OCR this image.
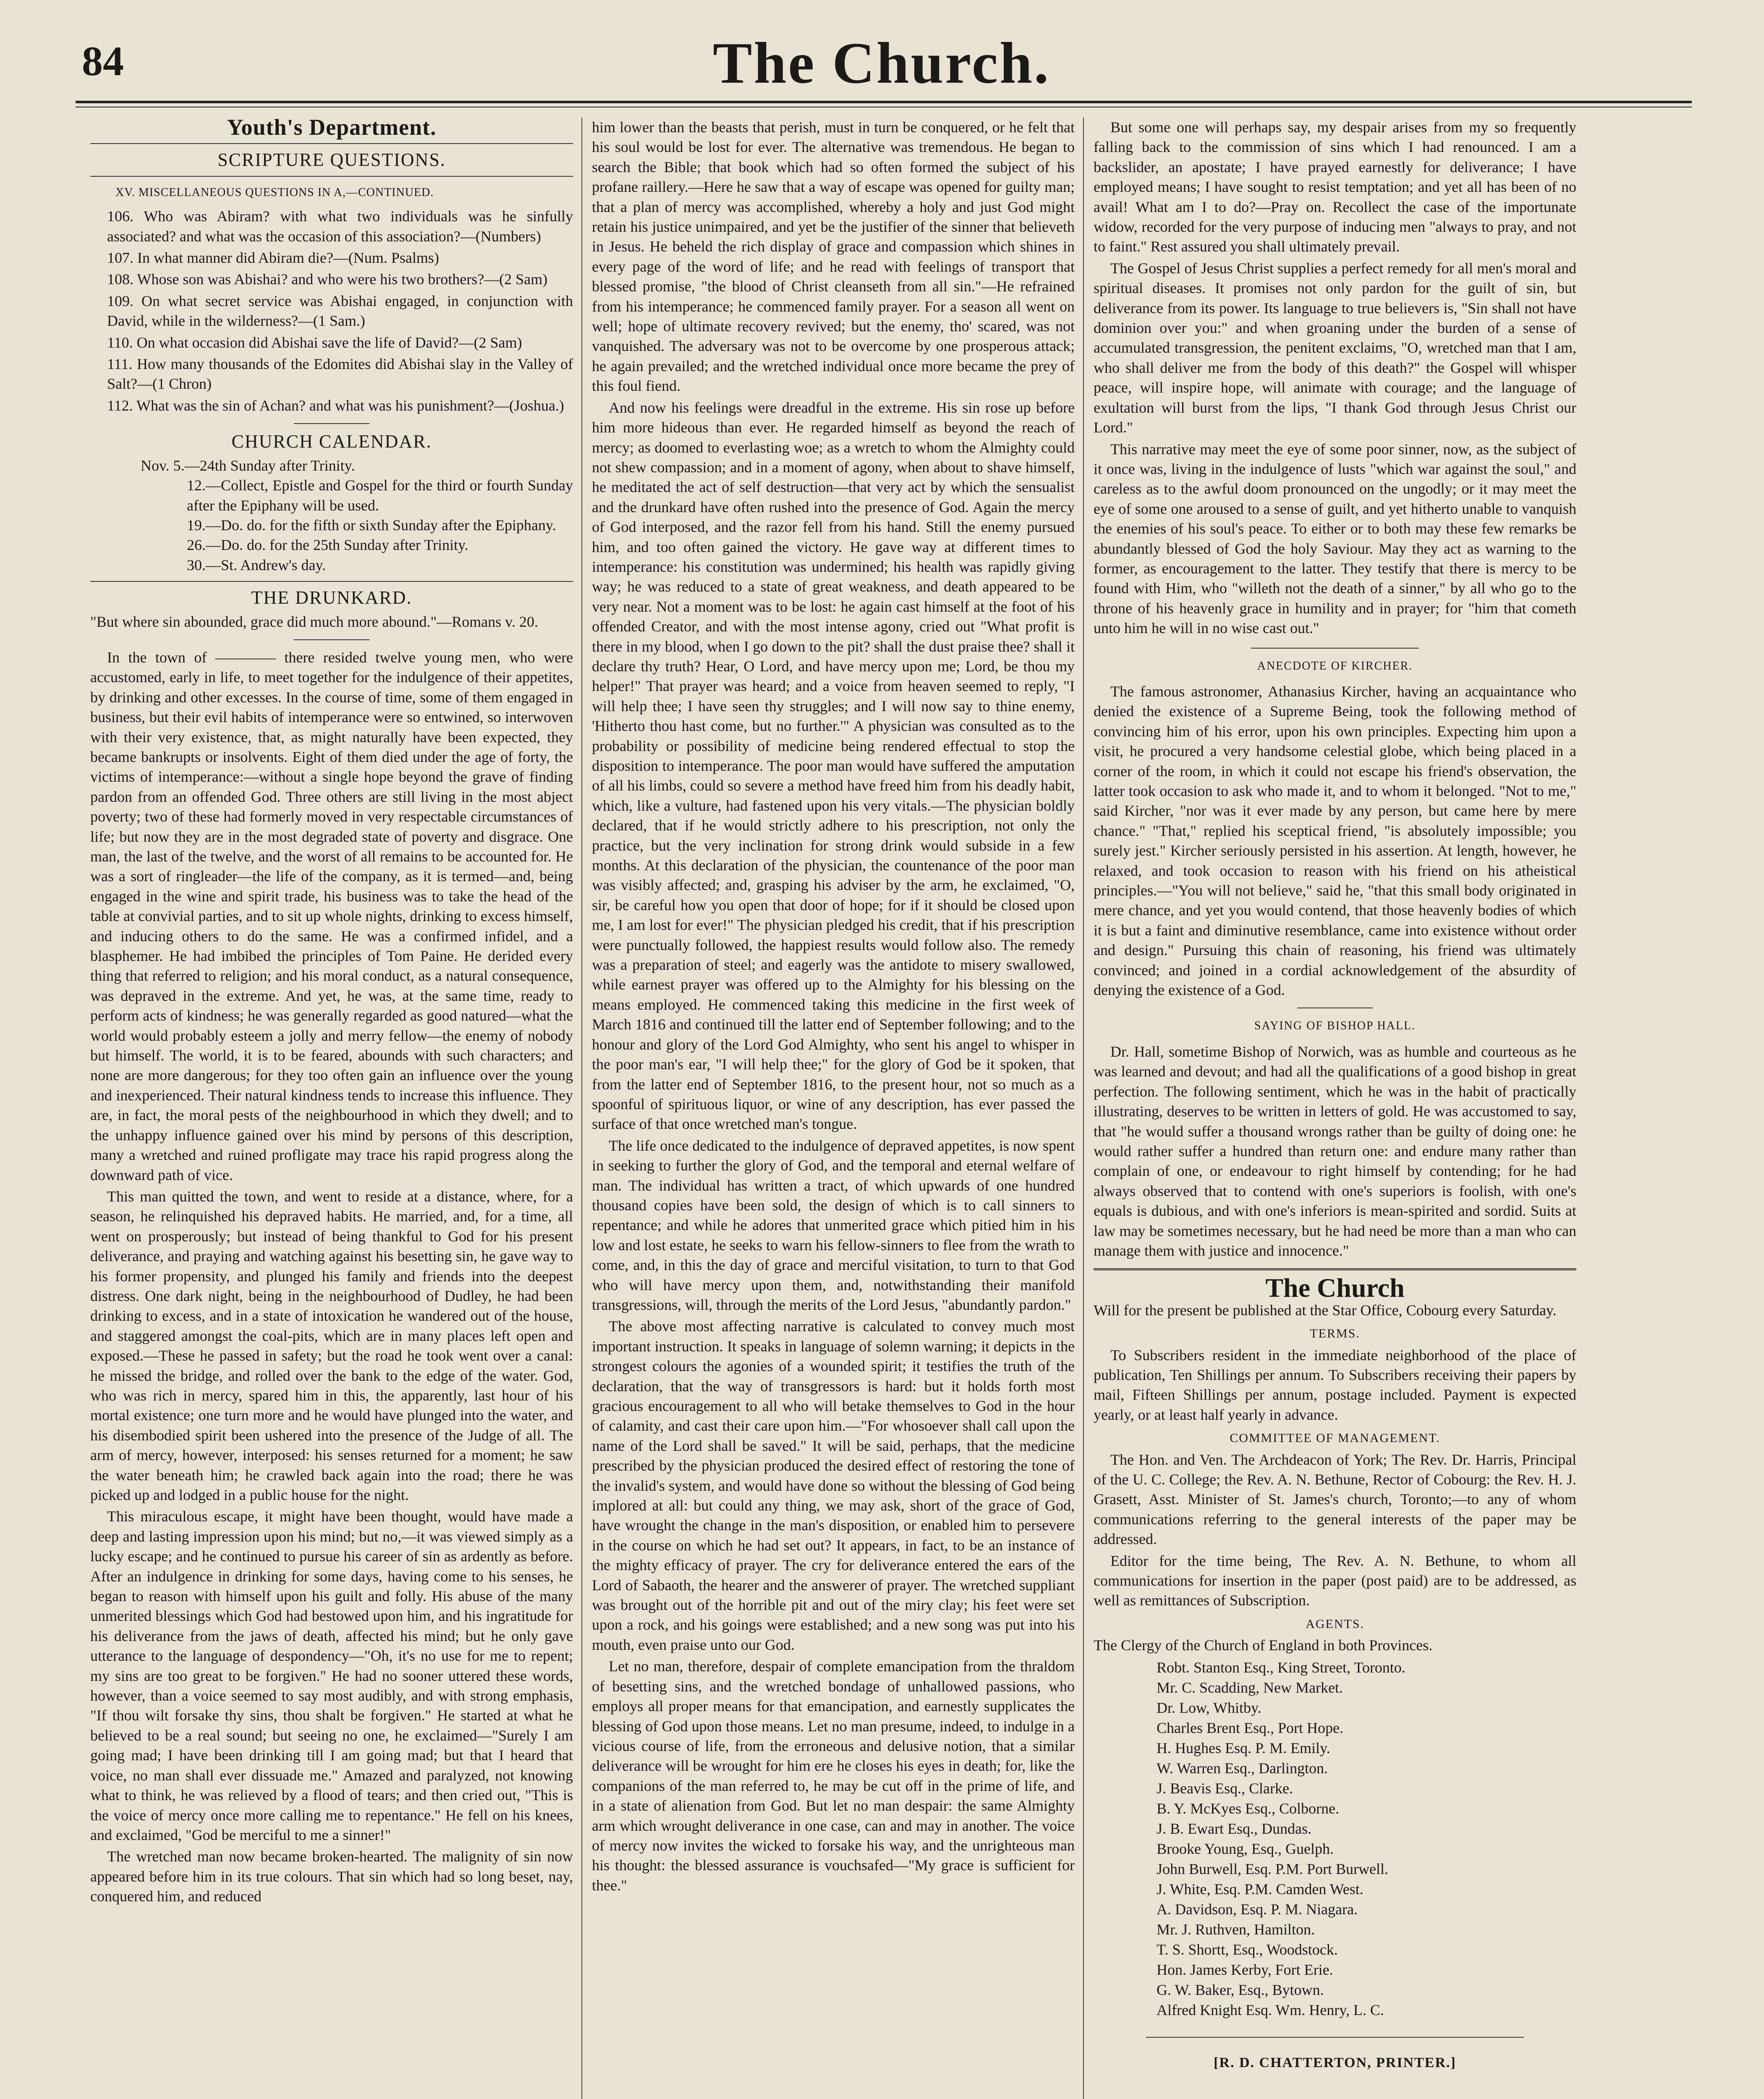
84	The Church.
Youth's Department.
SCRIPTURE QUESTIONS.
XV. MISCELLANEOUS QUESTIONS IN A,—CONTINUED.

106. Who was Abiram? with what two individuals was he sinfully associated? and what was the occasion of this association?—(Numbers)

107. In what manner did Abiram die?—(Num. Psalms)

108. Whose son was Abishai? and who were his two brothers?—(2 Sam)

109. On what secret service was Abishai engaged, in conjunction with David, while in the wilderness?—(1 Sam.)

110. On what occasion did Abishai save the life of David?—(2 Sam)

111. How many thousands of the Edomites did Abishai slay in the Valley of Salt?—(1 Chron)

112. What was the sin of Achan? and what was his punishment?—(Joshua.)

CHURCH CALENDAR.

Nov. 5.—24th Sunday after Trinity.

12.—Collect, Epistle and Gospel for the third or fourth Sunday after the Epiphany will be used.

19.—Do. do. for the fifth or sixth Sunday after the Epiphany.

26.—Do. do. for the 25th Sunday after Trinity.

30.—St. Andrew's day.

THE DRUNKARD.

"But where sin abounded, grace did much more abound."—Romans v. 20.

In the town of ———— there resided twelve young men, who were accustomed, early in life, to meet together for the indulgence of their appetites, by drinking and other excesses. In the course of time, some of them engaged in business, but their evil habits of intemperance were so entwined, so interwoven with their very existence, that, as might naturally have been expected, they became bankrupts or insolvents. Eight of them died under the age of forty, the victims of intemperance:—without a single hope beyond the grave of finding pardon from an offended God. Three others are still living in the most abject poverty; two of these had formerly moved in very respectable circumstances of life; but now they are in the most degraded state of poverty and disgrace. One man, the last of the twelve, and the worst of all remains to be accounted for. He was a sort of ringleader—the life of the company, as it is termed—and, being engaged in the wine and spirit trade, his business was to take the head of the table at convivial parties, and to sit up whole nights, drinking to excess himself, and inducing others to do the same. He was a confirmed infidel, and a blasphemer. He had imbibed the principles of Tom Paine. He derided every thing that referred to religion; and his moral conduct, as a natural consequence, was depraved in the extreme. And yet, he was, at the same time, ready to perform acts of kindness; he was generally regarded as good natured—what the world would probably esteem a jolly and merry fellow—the enemy of nobody but himself. The world, it is to be feared, abounds with such characters; and none are more dangerous; for they too often gain an influence over the young and inexperienced. Their natural kindness tends to increase this influence. They are, in fact, the moral pests of the neighbourhood in which they dwell; and to the unhappy influence gained over his mind by persons of this description, many a wretched and ruined profligate may trace his rapid progress along the downward path of vice.

This man quitted the town, and went to reside at a distance, where, for a season, he relinquished his depraved habits. He married, and, for a time, all went on prosperously; but instead of being thankful to God for his present deliverance, and praying and watching against his besetting sin, he gave way to his former propensity, and plunged his family and friends into the deepest distress. One dark night, being in the neighbourhood of Dudley, he had been drinking to excess, and in a state of intoxication he wandered out of the house, and staggered amongst the coal-pits, which are in many places left open and exposed.—These he passed in safety; but the road he took went over a canal: he missed the bridge, and rolled over the bank to the edge of the water. God, who was rich in mercy, spared him in this, the apparently, last hour of his mortal existence; one turn more and he would have plunged into the water, and his disembodied spirit been ushered into the presence of the Judge of all. The arm of mercy, however, interposed: his senses returned for a moment; he saw the water beneath him; he crawled back again into the road; there he was picked up and lodged in a public house for the night.

This miraculous escape, it might have been thought, would have made a deep and lasting impression upon his mind; but no,—it was viewed simply as a lucky escape; and he continued to pursue his career of sin as ardently as before. After an indulgence in drinking for some days, having come to his senses, he began to reason with himself upon his guilt and folly. His abuse of the many unmerited blessings which God had bestowed upon him, and his ingratitude for his deliverance from the jaws of death, affected his mind; but he only gave utterance to the language of despondency—"Oh, it's no use for me to repent; my sins are too great to be forgiven." He had no sooner uttered these words, however, than a voice seemed to say most audibly, and with strong emphasis, "If thou wilt forsake thy sins, thou shalt be forgiven." He started at what he believed to be a real sound; but seeing no one, he exclaimed—"Surely I am going mad; I have been drinking till I am going mad; but that I heard that voice, no man shall ever dissuade me." Amazed and paralyzed, not knowing what to think, he was relieved by a flood of tears; and then cried out, "This is the voice of mercy once more calling me to repentance." He fell on his knees, and exclaimed, "God be merciful to me a sinner!"

The wretched man now became broken-hearted. The malignity of sin now appeared before him in its true colours. That sin which had so long beset, nay, conquered him, and reduced

him lower than the beasts that perish, must in turn be conquered, or he felt that his soul would be lost for ever. The alternative was tremendous. He began to search the Bible; that book which had so often formed the subject of his profane raillery.—Here he saw that a way of escape was opened for guilty man; that a plan of mercy was accomplished, whereby a holy and just God might retain his justice unimpaired, and yet be the justifier of the sinner that believeth in Jesus. He beheld the rich display of grace and compassion which shines in every page of the word of life; and he read with feelings of transport that blessed promise, "the blood of Christ cleanseth from all sin."—He refrained from his intemperance; he commenced family prayer. For a season all went on well; hope of ultimate recovery revived; but the enemy, tho' scared, was not vanquished. The adversary was not to be overcome by one prosperous attack; he again prevailed; and the wretched individual once more became the prey of this foul fiend.

And now his feelings were dreadful in the extreme. His sin rose up before him more hideous than ever. He regarded himself as beyond the reach of mercy; as doomed to everlasting woe; as a wretch to whom the Almighty could not shew compassion; and in a moment of agony, when about to shave himself, he meditated the act of self destruction—that very act by which the sensualist and the drunkard have often rushed into the presence of God. Again the mercy of God interposed, and the razor fell from his hand. Still the enemy pursued him, and too often gained the victory. He gave way at different times to intemperance: his constitution was undermined; his health was rapidly giving way; he was reduced to a state of great weakness, and death appeared to be very near. Not a moment was to be lost: he again cast himself at the foot of his offended Creator, and with the most intense agony, cried out "What profit is there in my blood, when I go down to the pit? shall the dust praise thee? shall it declare thy truth? Hear, O Lord, and have mercy upon me; Lord, be thou my helper!" That prayer was heard; and a voice from heaven seemed to reply, "I will help thee; I have seen thy struggles; and I will now say to thine enemy, 'Hitherto thou hast come, but no further.'" A physician was consulted as to the probability or possibility of medicine being rendered effectual to stop the disposition to intemperance. The poor man would have suffered the amputation of all his limbs, could so severe a method have freed him from his deadly habit, which, like a vulture, had fastened upon his very vitals.—The physician boldly declared, that if he would strictly adhere to his prescription, not only the practice, but the very inclination for strong drink would subside in a few months. At this declaration of the physician, the countenance of the poor man was visibly affected; and, grasping his adviser by the arm, he exclaimed, "O, sir, be careful how you open that door of hope; for if it should be closed upon me, I am lost for ever!" The physician pledged his credit, that if his prescription were punctually followed, the happiest results would follow also. The remedy was a preparation of steel; and eagerly was the antidote to misery swallowed, while earnest prayer was offered up to the Almighty for his blessing on the means employed. He commenced taking this medicine in the first week of March 1816 and continued till the latter end of September following; and to the honour and glory of the Lord God Almighty, who sent his angel to whisper in the poor man's ear, "I will help thee;" for the glory of God be it spoken, that from the latter end of September 1816, to the present hour, not so much as a spoonful of spirituous liquor, or wine of any description, has ever passed the surface of that once wretched man's tongue.

The life once dedicated to the indulgence of depraved appetites, is now spent in seeking to further the glory of God, and the temporal and eternal welfare of man. The individual has written a tract, of which upwards of one hundred thousand copies have been sold, the design of which is to call sinners to repentance; and while he adores that unmerited grace which pitied him in his low and lost estate, he seeks to warn his fellow-sinners to flee from the wrath to come, and, in this the day of grace and merciful visitation, to turn to that God who will have mercy upon them, and, notwithstanding their manifold transgressions, will, through the merits of the Lord Jesus, "abundantly pardon."

The above most affecting narrative is calculated to convey much most important instruction. It speaks in language of solemn warning; it depicts in the strongest colours the agonies of a wounded spirit; it testifies the truth of the declaration, that the way of transgressors is hard: but it holds forth most gracious encouragement to all who will betake themselves to God in the hour of calamity, and cast their care upon him.—"For whosoever shall call upon the name of the Lord shall be saved." It will be said, perhaps, that the medicine prescribed by the physician produced the desired effect of restoring the tone of the invalid's system, and would have done so without the blessing of God being implored at all: but could any thing, we may ask, short of the grace of God, have wrought the change in the man's disposition, or enabled him to persevere in the course on which he had set out? It appears, in fact, to be an instance of the mighty efficacy of prayer. The cry for deliverance entered the ears of the Lord of Sabaoth, the hearer and the answerer of prayer. The wretched suppliant was brought out of the horrible pit and out of the miry clay; his feet were set upon a rock, and his goings were established; and a new song was put into his mouth, even praise unto our God.

Let no man, therefore, despair of complete emancipation from the thraldom of besetting sins, and the wretched bondage of unhallowed passions, who employs all proper means for that emancipation, and earnestly supplicates the blessing of God upon those means. Let no man presume, indeed, to indulge in a vicious course of life, from the erroneous and delusive notion, that a similar deliverance will be wrought for him ere he closes his eyes in death; for, like the companions of the man referred to, he may be cut off in the prime of life, and in a state of alienation from God. But let no man despair: the same Almighty arm which wrought deliverance in one case, can and may in another. The voice of mercy now invites the wicked to forsake his way, and the unrighteous man his thought: the blessed assurance is vouchsafed—"My grace is sufficient for thee."

But some one will perhaps say, my despair arises from my so frequently falling back to the commission of sins which I had renounced. I am a backslider, an apostate; I have prayed earnestly for deliverance; I have employed means; I have sought to resist temptation; and yet all has been of no avail! What am I to do?—Pray on. Recollect the case of the importunate widow, recorded for the very purpose of inducing men "always to pray, and not to faint." Rest assured you shall ultimately prevail.

The Gospel of Jesus Christ supplies a perfect remedy for all men's moral and spiritual diseases. It promises not only pardon for the guilt of sin, but deliverance from its power. Its language to true believers is, "Sin shall not have dominion over you:" and when groaning under the burden of a sense of accumulated transgression, the penitent exclaims, "O, wretched man that I am, who shall deliver me from the body of this death?" the Gospel will whisper peace, will inspire hope, will animate with courage; and the language of exultation will burst from the lips, "I thank God through Jesus Christ our Lord."

This narrative may meet the eye of some poor sinner, now, as the subject of it once was, living in the indulgence of lusts "which war against the soul," and careless as to the awful doom pronounced on the ungodly; or it may meet the eye of some one aroused to a sense of guilt, and yet hitherto unable to vanquish the enemies of his soul's peace. To either or to both may these few remarks be abundantly blessed of God the holy Saviour. May they act as warning to the former, as encouragement to the latter. They testify that there is mercy to be found with Him, who "willeth not the death of a sinner," by all who go to the throne of his heavenly grace in humility and in prayer; for "him that cometh unto him he will in no wise cast out."

ANECDOTE OF KIRCHER.

The famous astronomer, Athanasius Kircher, having an acquaintance who denied the existence of a Supreme Being, took the following method of convincing him of his error, upon his own principles. Expecting him upon a visit, he procured a very handsome celestial globe, which being placed in a corner of the room, in which it could not escape his friend's observation, the latter took occasion to ask who made it, and to whom it belonged. "Not to me," said Kircher, "nor was it ever made by any person, but came here by mere chance." "That," replied his sceptical friend, "is absolutely impossible; you surely jest." Kircher seriously persisted in his assertion. At length, however, he relaxed, and took occasion to reason with his friend on his atheistical principles.—"You will not believe," said he, "that this small body originated in mere chance, and yet you would contend, that those heavenly bodies of which it is but a faint and diminutive resemblance, came into existence without order and design." Pursuing this chain of reasoning, his friend was ultimately convinced; and joined in a cordial acknowledgement of the absurdity of denying the existence of a God.

SAYING OF BISHOP HALL.

Dr. Hall, sometime Bishop of Norwich, was as humble and courteous as he was learned and devout; and had all the qualifications of a good bishop in great perfection. The following sentiment, which he was in the habit of practically illustrating, deserves to be written in letters of gold. He was accustomed to say, that "he would suffer a thousand wrongs rather than be guilty of doing one: he would rather suffer a hundred than return one: and endure many rather than complain of one, or endeavour to right himself by contending; for he had always observed that to contend with one's superiors is foolish, with one's equals is dubious, and with one's inferiors is mean-spirited and sordid. Suits at law may be sometimes necessary, but he had need be more than a man who can manage them with justice and innocence."

The Church

Will for the present be published at the Star Office, Cobourg every Saturday.

TERMS.

To Subscribers resident in the immediate neighborhood of the place of publication, Ten Shillings per annum. To Subscribers receiving their papers by mail, Fifteen Shillings per annum, postage included. Payment is expected yearly, or at least half yearly in advance.

COMMITTEE OF MANAGEMENT.

The Hon. and Ven. The Archdeacon of York; The Rev. Dr. Harris, Principal of the U. C. College; the Rev. A. N. Bethune, Rector of Cobourg: the Rev. H. J. Grasett, Asst. Minister of St. James's church, Toronto;—to any of whom communications referring to the general interests of the paper may be addressed.

Editor for the time being, The Rev. A. N. Bethune, to whom all communications for insertion in the paper (post paid) are to be addressed, as well as remittances of Subscription.

AGENTS.

The Clergy of the Church of England in both Provinces.

Robt. Stanton Esq., King Street, Toronto.

Mr. C. Scadding, New Market.

Dr. Low, Whitby.

Charles Brent Esq., Port Hope.

H. Hughes Esq. P. M. Emily.

W. Warren Esq., Darlington.

J. Beavis Esq., Clarke.

B. Y. McKyes Esq., Colborne.

J. B. Ewart Esq., Dundas.

Brooke Young, Esq., Guelph.

John Burwell, Esq. P.M. Port Burwell.

J. White, Esq. P.M. Camden West.

A. Davidson, Esq. P. M. Niagara.

Mr. J. Ruthven, Hamilton.

T. S. Shortt, Esq., Woodstock.

Hon. James Kerby, Fort Erie.

G. W. Baker, Esq., Bytown.

Alfred Knight Esq. Wm. Henry, L. C.

[R. D. CHATTERTON, PRINTER.]
